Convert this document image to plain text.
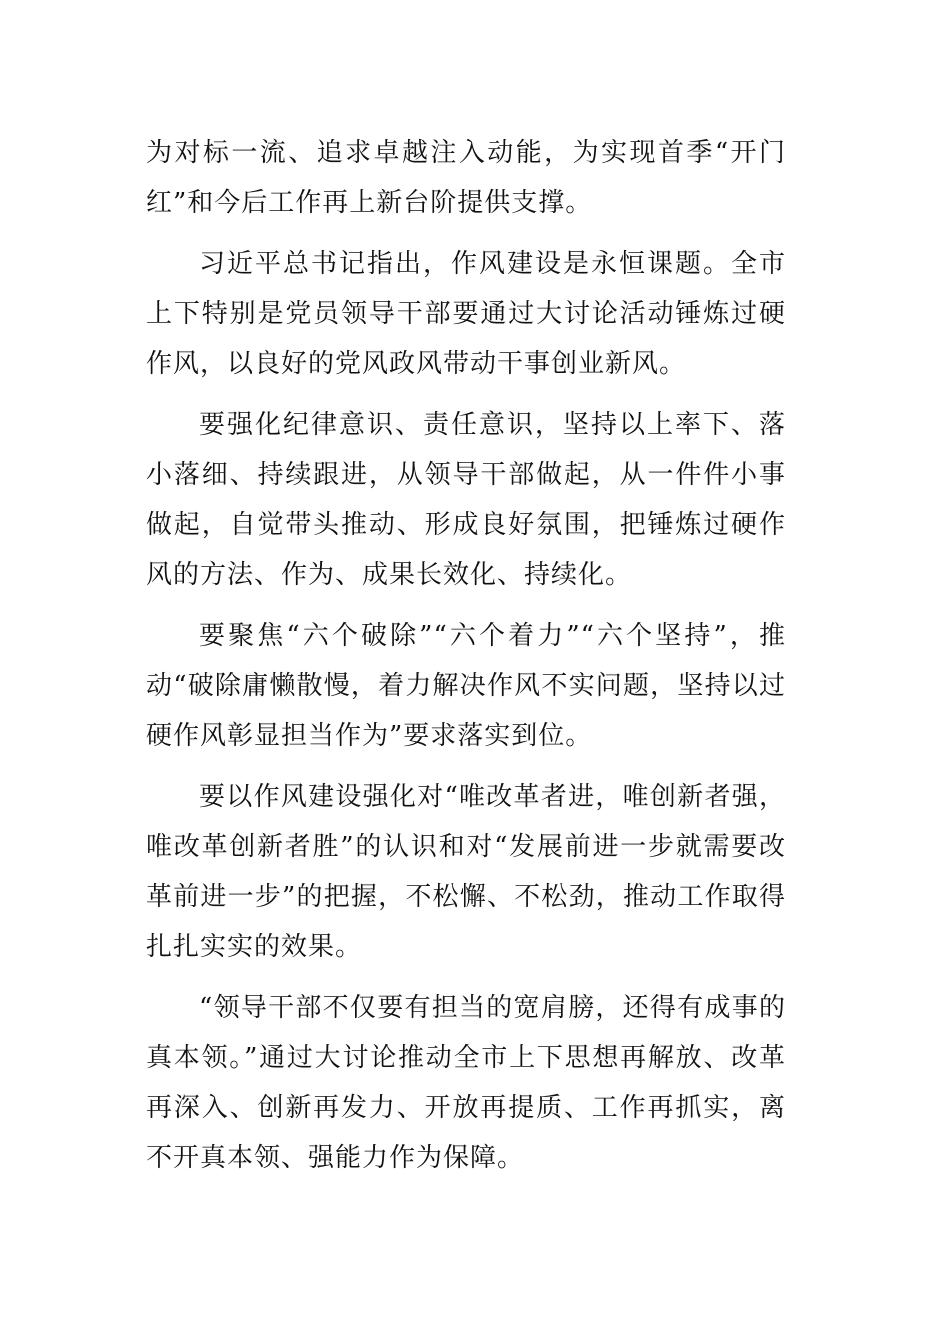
为对标一流、追求卓越注入动能，为实现首季“开门红”和今后工作再上新台阶提供支撑。

习近平总书记指出，作风建设是永恒课题。全市上下特别是党员领导干部要通过大讨论活动锤炼过硬作风，以良好的党风政风带动干事创业新风。

要强化纪律意识、责任意识，坚持以上率下、落小落细、持续跟进，从领导干部做起，从一件件小事做起，自觉带头推动、形成良好氛围，把锤炼过硬作风的方法、作为、成果长效化、持续化。

要聚焦“六个破除”“六个着力”“六个坚持”，推动“破除庸懒散慢，着力解决作风不实问题，坚持以过硬作风彰显担当作为”要求落实到位。

要以作风建设强化对“唯改革者进，唯创新者强，唯改革创新者胜”的认识和对“发展前进一步就需要改革前进一步”的把握，不松懈、不松劲，推动工作取得扎扎实实的效果。

“领导干部不仅要有担当的宽肩膀，还得有成事的真本领。”通过大讨论推动全市上下思想再解放、改革再深入、创新再发力、开放再提质、工作再抓实，离不开真本领、强能力作为保障。
